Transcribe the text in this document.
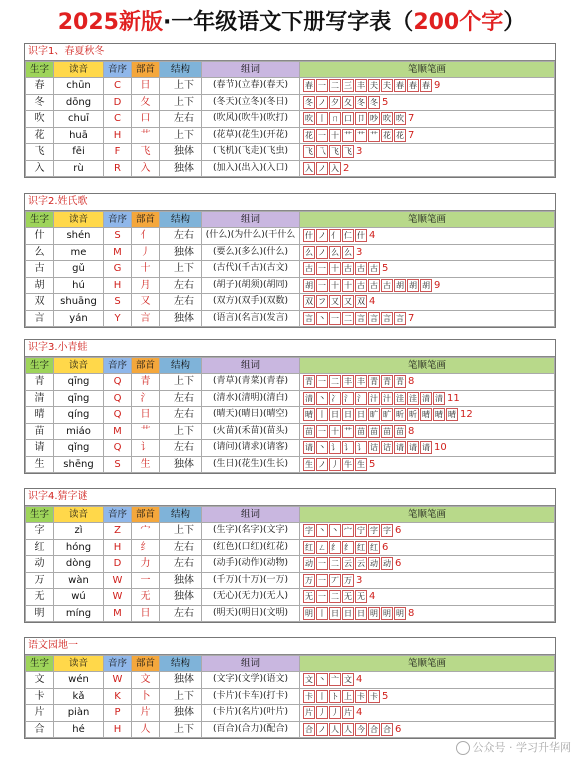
2025新版·一年级语文下册写字表（200个字）
识字1、春夏秋冬
生字	读音	音序	部首	结构	组词	笔顺笔画
春	chūn	C	日	上下	(春节)(立春)(春天)	春 一 二 三 丰 夫 夫 春 春 春 9
冬	dōng	D	夂	上下	(冬天)(立冬)(冬日)	冬 ノ 夕 夂 冬 冬 5
吹	chuī	C	口	左右	(吹风)(吹牛)(吹打)	吹 丨 ㄇ 口 卩 吵 吹 吹 7
花	huā	H	艹	上下	(花草)(花生)(开花)	花 一 十 艹 艹 艹 花 花 7
飞	fēi	F	飞	独体	(飞机)(飞走)(飞虫)	飞 乁 飞 飞 3
入	rù	R	入	独体	(加入)(出入)(入口)	入 ノ 入 2
识字2.姓氏歌
生字	读音	音序	部首	结构	组词	笔顺笔画
什	shén	S	亻	左右	(什么)(为什么)(干什么	什 ノ 亻 仁 什 4
么	me	M	丿	独体	(要么)(多么)(什么)	么 ノ 么 么 3
古	gǔ	G	十	上下	(古代)(千古)(古文)	古 一 十 古 古 古 5
胡	hú	H	月	左右	(胡子)(胡须)(胡同)	胡 一 十 十 古 古 古 胡 胡 胡 9
双	shuāng	S	又	左右	(双方)(双手)(双数)	双 フ 又 又 双 4
言	yán	Y	言	独体	(语言)(名言)(发言)	言 丶 一 二 言 言 言 言 7
识字3.小青蛙
生字	读音	音序	部首	结构	组词	笔顺笔画
青	qīng	Q	青	上下	(青草)(青菜)(青春)	青 一 二 丰 丰 青 青 青 8
清	qīng	Q	氵	左右	(清水)(清明)(清白)	清 丶 冫 氵 氵 汁 汁 洼 洼 清 清 11
晴	qíng	Q	日	左右	(晴天)(晴日)(晴空)	晴 丨 日 日 日 旷 旷 昕 昕 晴 晴 晴 12
苗	miáo	M	艹	上下	(火苗)(禾苗)(苗头)	苗 一 十 艹 苗 苗 苗 苗 8
请	qǐng	Q	讠	左右	(请问)(请求)(请客)	请 丶 讠 讠 讠 诘 诘 请 请 请 10
生	shēng	S	生	独体	(生日)(花生)(生长)	生 ノ 丿 牛 生 5
识字4.猜字谜
生字	读音	音序	部首	结构	组词	笔顺笔画
字	zì	Z	宀	上下	(生字)(名字)(文字)	字 丶 丶 宀 宁 字 字 6
红	hóng	H	纟	左右	(红色)(口红)(红花)	红 ㄥ 纟 纟 红 红 6
动	dòng	D	力	左右	(动手)(动作)(动物)	动 一 二 云 云 动 动 6
万	wàn	W	一	独体	(千万)(十万)(一万)	万 一 丆 万 3
无	wú	W	无	独体	(无心)(无力)(无人)	无 一 二 无 无 4
明	míng	M	日	左右	(明天)(明日)(文明)	明 丨 日 日 日 明 明 明 8
语文园地一
生字	读音	音序	部首	结构	组词	笔顺笔画
文	wén	W	文	独体	(文字)(文学)(语文)	文 丶 亠 文 4
卡	kǎ	K	卜	上下	(卡片)(卡车)(打卡)	卡 丨 ト 上 卡 卡 5
片	piàn	P	片	独体	(卡片)(名片)(叶片)	片 丿 丿 片 4
合	hé	H	人	上下	(百合)(合力)(配合)	合 ノ 人 人 今 合 合 6
公众号 · 学习升华网
